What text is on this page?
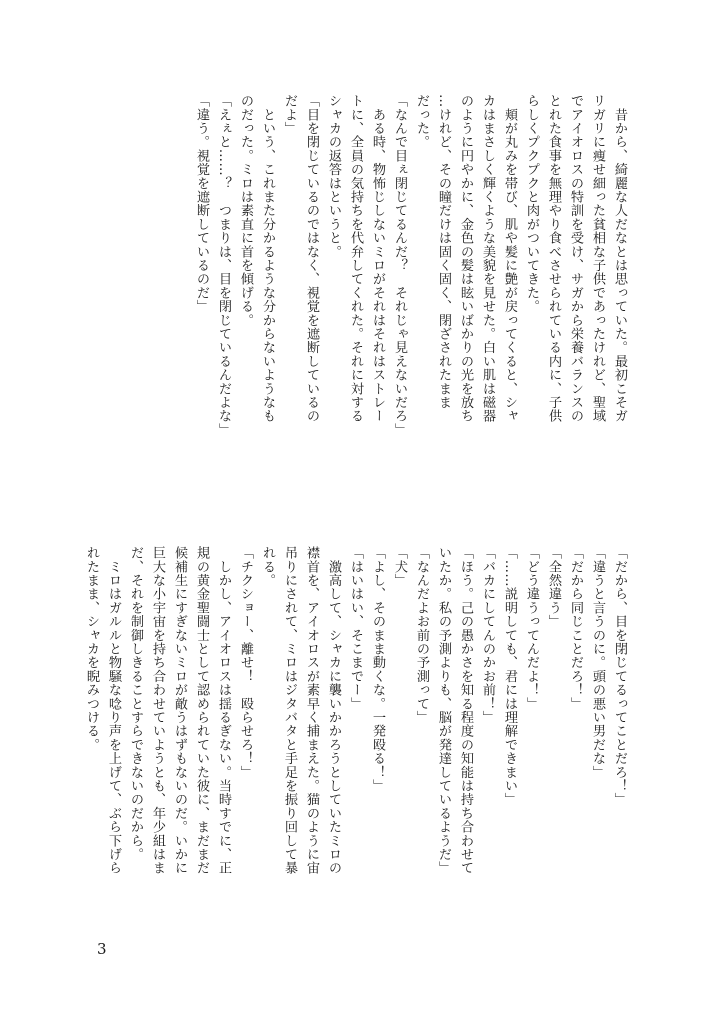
　昔から、綺麗な人だなとは思っていた。最初こそガ
リガリに痩せ細った貧相な子供であったけれど、聖域
でアイオロスの特訓を受け、サガから栄養バランスの
とれた食事を無理やり食べさせられている内に、子供
らしくプクプクと肉がついてきた。
　頬が丸みを帯び、肌や髪に艶が戻ってくると、シャ
カはまさしく輝くような美貌を見せた。白い肌は磁器
のように円やかに、金色の髪は眩いばかりの光を放ち
…けれど、その瞳だけは固く固く、閉ざされたまま
だった。
「なんで目ぇ閉じてるんだ？　それじゃ見えないだろ」
　ある時、物怖じしないミロがそれはそれはストレー
トに、全員の気持ちを代弁してくれた。それに対する
シャカの返答はというと。
「目を閉じているのではなく、視覚を遮断しているの
だよ」
　という、これまた分かるような分からないようなも
のだった。ミロは素直に首を傾げる。
「えぇと……？　つまりは、目を閉じているんだよな」
「違う。視覚を遮断しているのだ」
「だから、目を閉じてるってことだろ！」
「違うと言うのに。頭の悪い男だな」
「だから同じことだろ！」
「全然違う」
「どう違うってんだよ！」
「……説明しても、君には理解できまい」
「バカにしてんのかお前！」
「ほう。己の愚かさを知る程度の知能は持ち合わせて
いたか。私の予測よりも、脳が発達しているようだ」
「なんだよお前の予測って」
「犬」
「よし、そのまま動くな。一発殴る！」
「はいはい、そこまでー」
　激高して、シャカに襲いかかろうとしていたミロの
襟首を、アイオロスが素早く捕まえた。猫のように宙
吊りにされて、ミロはジタバタと手足を振り回して暴
れる。
「チクショー、離せ！　殴らせろ！」
　しかし、アイオロスは揺るぎない。当時すでに、正
規の黄金聖闘士として認められていた彼に、まだまだ
候補生にすぎないミロが敵うはずもないのだ。いかに
巨大な小宇宙を持ち合わせていようとも、年少組はま
だ、それを制御しきることすらできないのだから。
　ミロはガルルと物騒な唸り声を上げて、ぶら下げら
れたまま、シャカを睨みつける。
3
